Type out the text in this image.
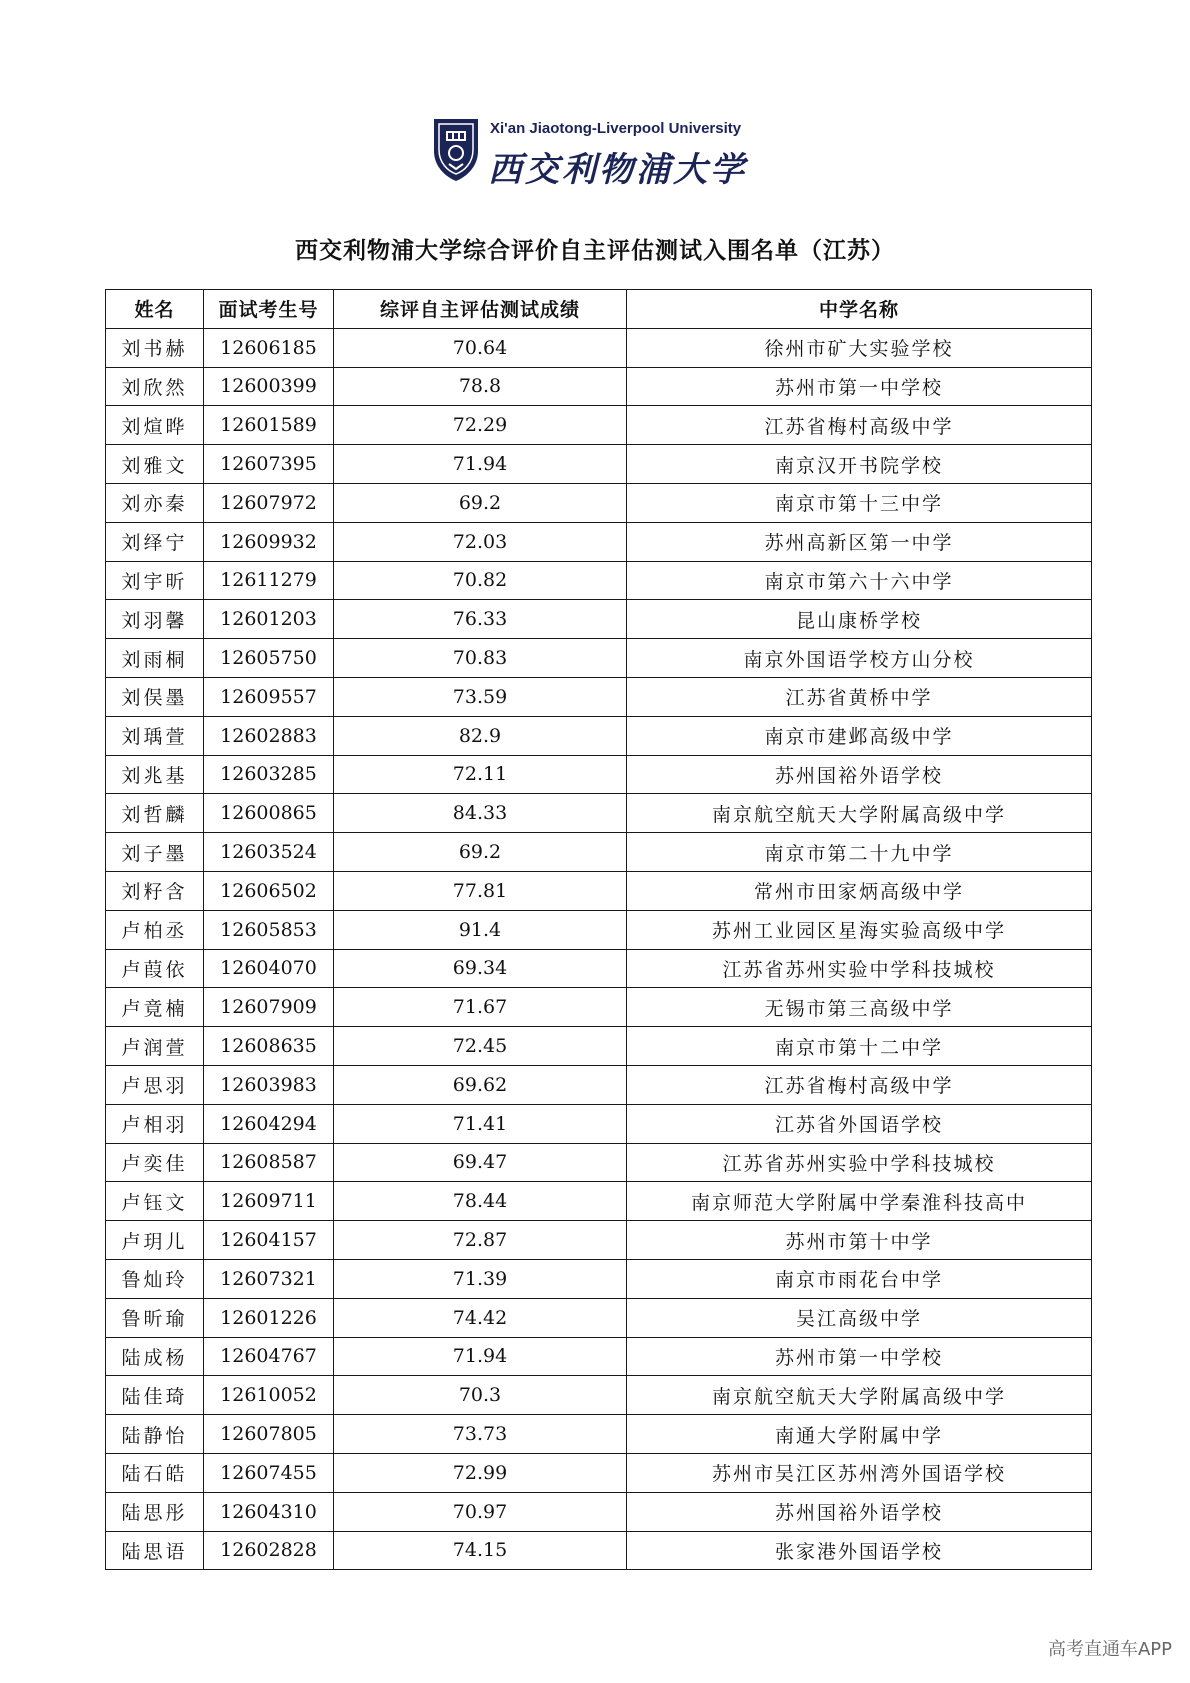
Xi'an Jiaotong-Liverpool University
西交利物浦大学
西交利物浦大学综合评价自主评估测试入围名单（江苏）
姓名	面试考生号	综评自主评估测试成绩	中学名称
刘书赫	12606185	70.64	徐州市矿大实验学校
刘欣然	12600399	78.8	苏州市第一中学校
刘煊晔	12601589	72.29	江苏省梅村高级中学
刘雅文	12607395	71.94	南京汉开书院学校
刘亦秦	12607972	69.2	南京市第十三中学
刘绎宁	12609932	72.03	苏州高新区第一中学
刘宇昕	12611279	70.82	南京市第六十六中学
刘羽馨	12601203	76.33	昆山康桥学校
刘雨桐	12605750	70.83	南京外国语学校方山分校
刘俣墨	12609557	73.59	江苏省黄桥中学
刘瑀萱	12602883	82.9	南京市建邺高级中学
刘兆基	12603285	72.11	苏州国裕外语学校
刘哲麟	12600865	84.33	南京航空航天大学附属高级中学
刘子墨	12603524	69.2	南京市第二十九中学
刘籽含	12606502	77.81	常州市田家炳高级中学
卢柏丞	12605853	91.4	苏州工业园区星海实验高级中学
卢葭依	12604070	69.34	江苏省苏州实验中学科技城校
卢竟楠	12607909	71.67	无锡市第三高级中学
卢润萱	12608635	72.45	南京市第十二中学
卢思羽	12603983	69.62	江苏省梅村高级中学
卢相羽	12604294	71.41	江苏省外国语学校
卢奕佳	12608587	69.47	江苏省苏州实验中学科技城校
卢钰文	12609711	78.44	南京师范大学附属中学秦淮科技高中
卢玥儿	12604157	72.87	苏州市第十中学
鲁灿玲	12607321	71.39	南京市雨花台中学
鲁昕瑜	12601226	74.42	吴江高级中学
陆成杨	12604767	71.94	苏州市第一中学校
陆佳琦	12610052	70.3	南京航空航天大学附属高级中学
陆静怡	12607805	73.73	南通大学附属中学
陆石皓	12607455	72.99	苏州市吴江区苏州湾外国语学校
陆思彤	12604310	70.97	苏州国裕外语学校
陆思语	12602828	74.15	张家港外国语学校
高考直通车APP
